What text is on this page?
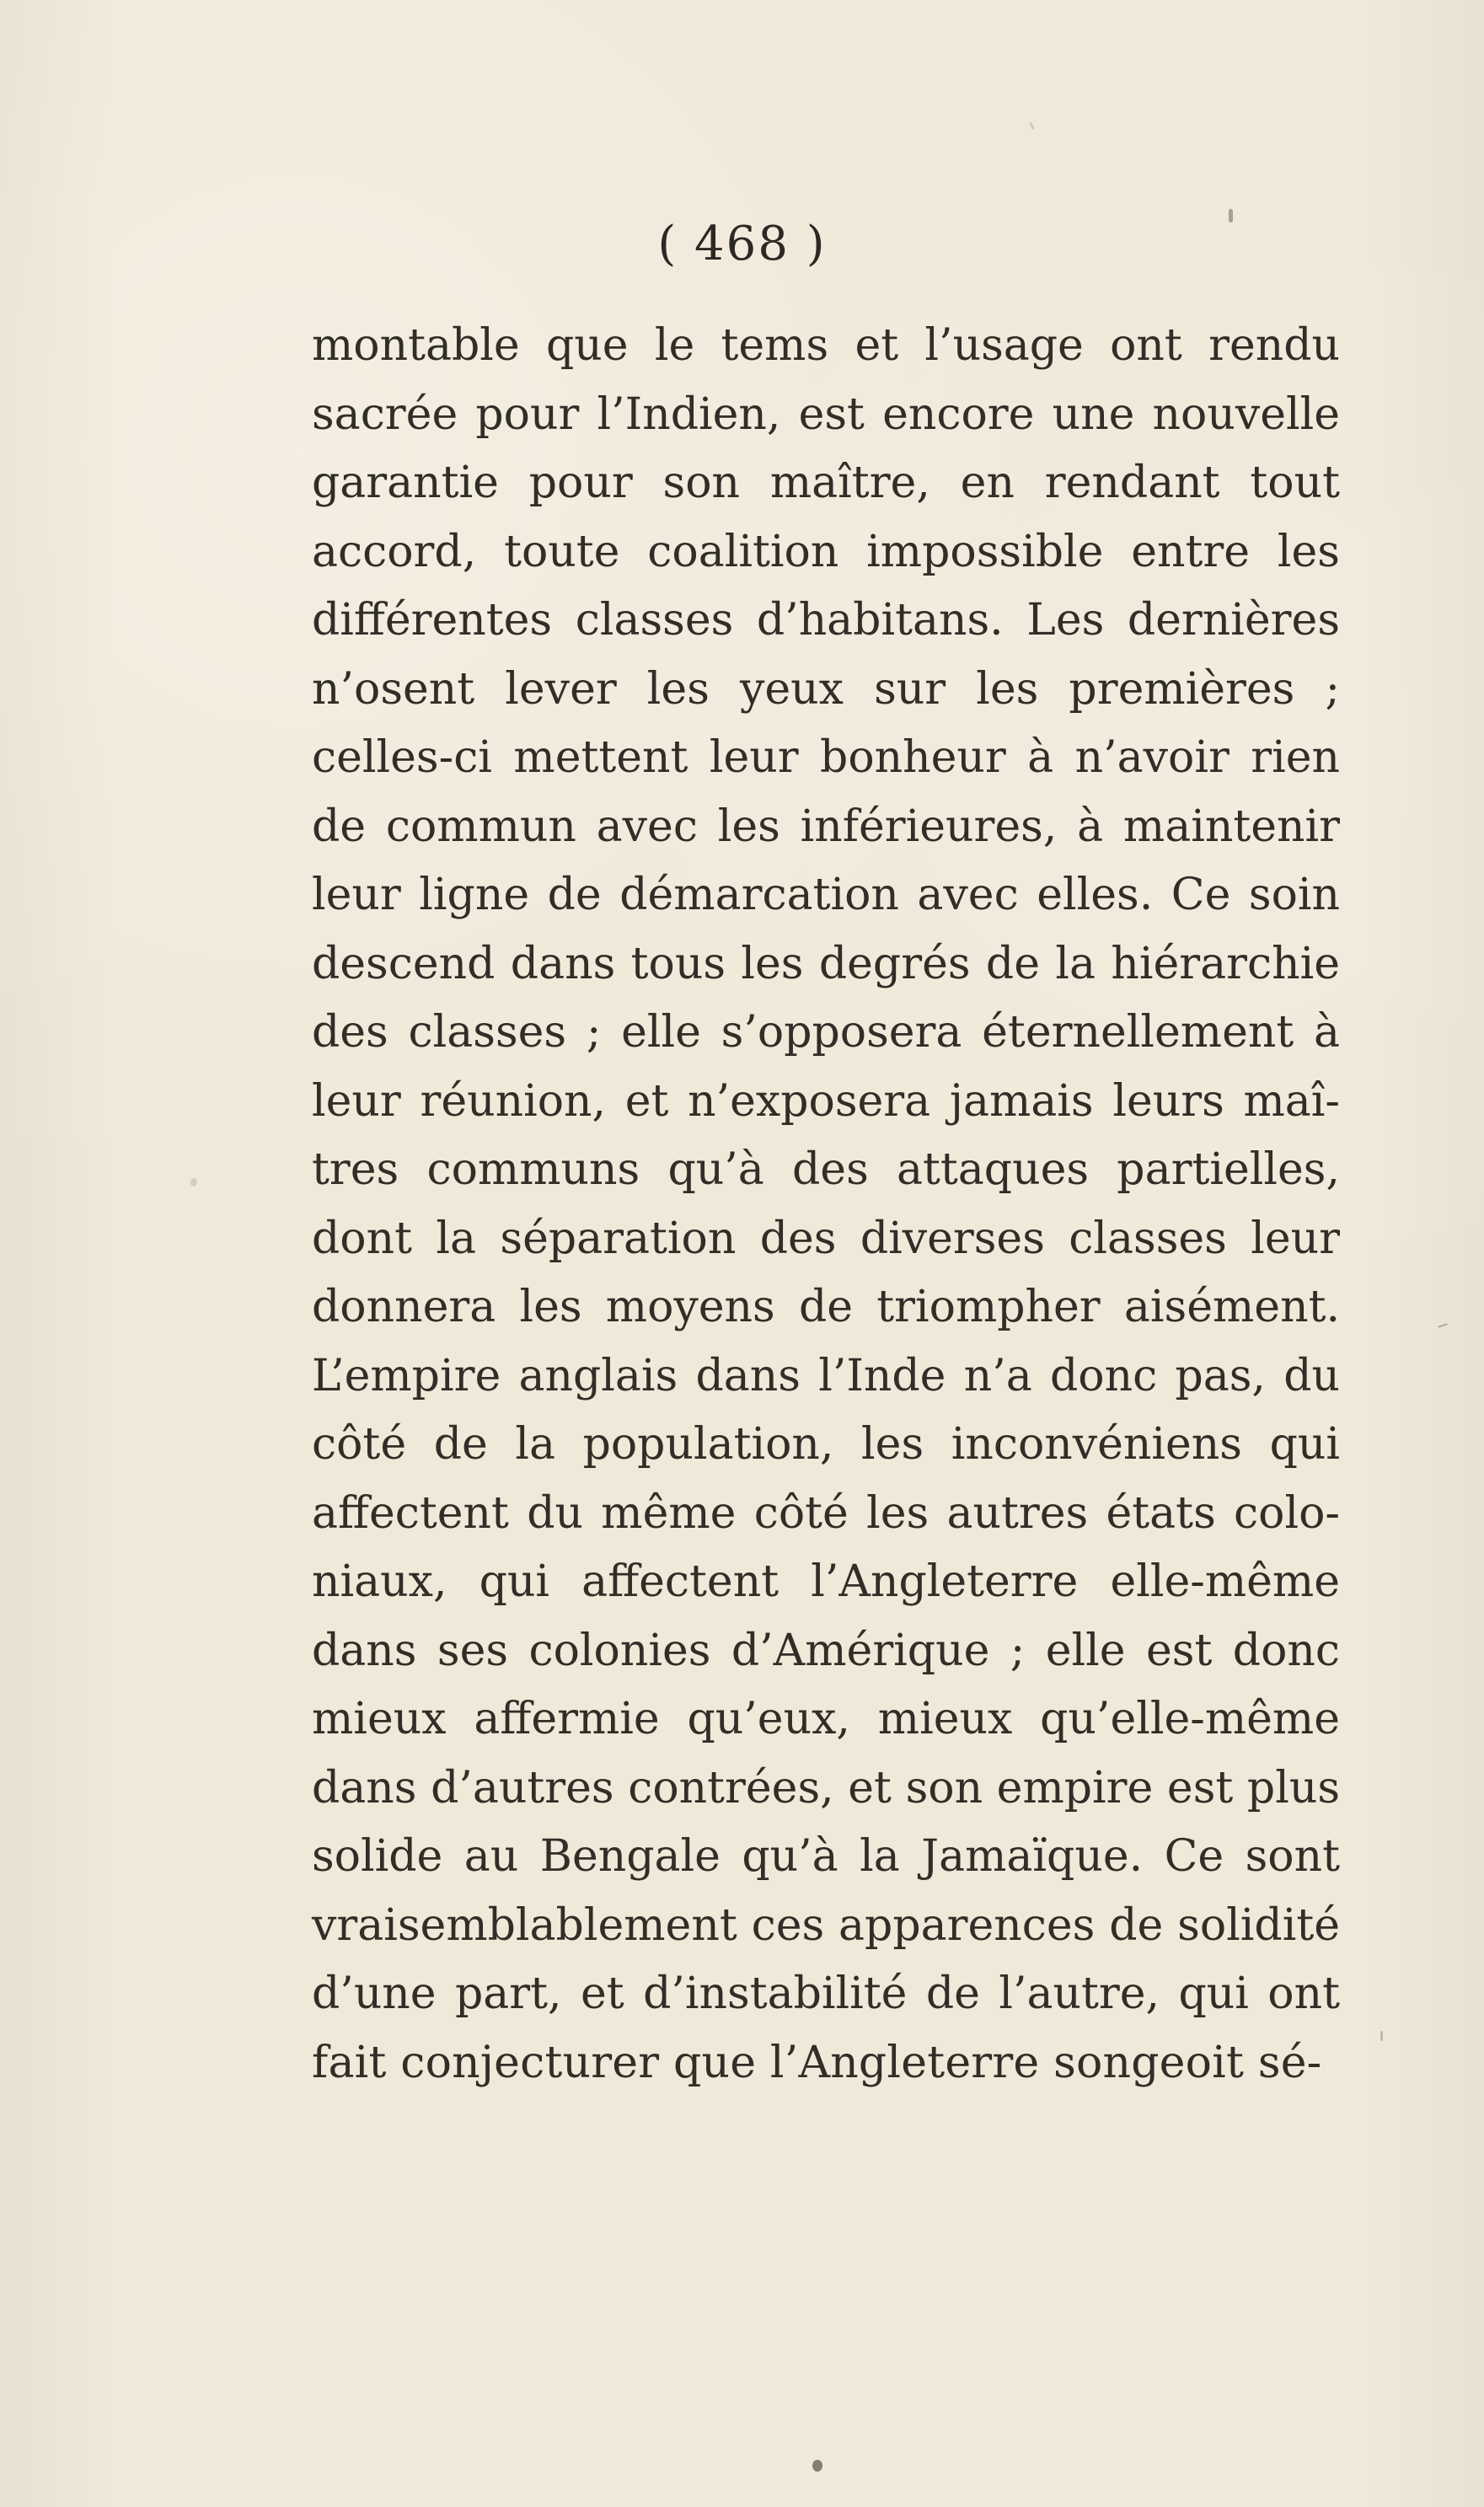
( 468 )
montable que le tems et l’usage ont rendu
sacrée pour l’Indien, est encore une nouvelle
garantie pour son maître, en rendant tout
accord, toute coalition impossible entre les
différentes classes d’habitans. Les dernières
n’osent lever les yeux sur les premières ;
celles-ci mettent leur bonheur à n’avoir rien
de commun avec les inférieures, à maintenir
leur ligne de démarcation avec elles. Ce soin
descend dans tous les degrés de la hiérarchie
des classes ; elle s’opposera éternellement à
leur réunion, et n’exposera jamais leurs maî-
tres communs qu’à des attaques partielles,
dont la séparation des diverses classes leur
donnera les moyens de triompher aisément.
L’empire anglais dans l’Inde n’a donc pas, du
côté de la population, les inconvéniens qui
affectent du même côté les autres états colo-
niaux, qui affectent l’Angleterre elle-même
dans ses colonies d’Amérique ; elle est donc
mieux affermie qu’eux, mieux qu’elle-même
dans d’autres contrées, et son empire est plus
solide au Bengale qu’à la Jamaïque. Ce sont
vraisemblablement ces apparences de solidité
d’une part, et d’instabilité de l’autre, qui ont
fait conjecturer que l’Angleterre songeoit sé-
